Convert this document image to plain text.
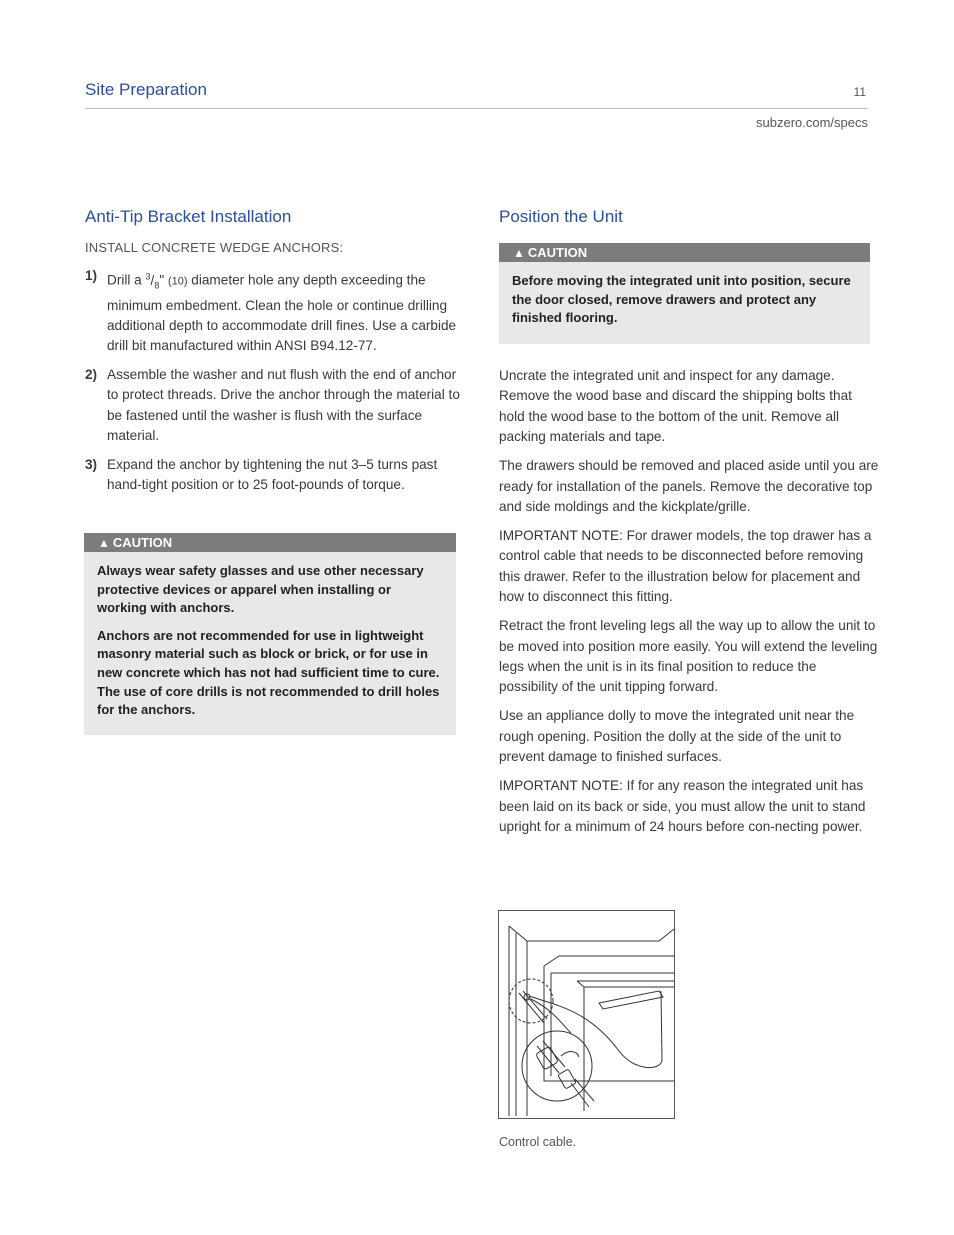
Site Preparation	11
subzero.com/specs
Anti-Tip Bracket Installation
INSTALL CONCRETE WEDGE ANCHORS:
1) Drill a $^3/_8$" (10) diameter hole any depth exceeding the minimum embedment. Clean the hole or continue drilling additional depth to accommodate drill fines. Use a carbide drill bit manufactured within ANSI B94.12-77.
2) Assemble the washer and nut flush with the end of anchor to protect threads. Drive the anchor through the material to be fastened until the washer is flush with the surface material.
3) Expand the anchor by tightening the nut 3–5 turns past hand-tight position or to 25 foot-pounds of torque.
▲ CAUTION

Always wear safety glasses and use other necessary protective devices or apparel when installing or working with anchors.

Anchors are not recommended for use in lightweight masonry material such as block or brick, or for use in new concrete which has not had sufficient time to cure. The use of core drills is not recommended to drill holes for the anchors.

Position the Unit
▲ CAUTION

Before moving the integrated unit into position, secure the door closed, remove drawers and protect any finished flooring.

Uncrate the integrated unit and inspect for any damage. Remove the wood base and discard the shipping bolts that hold the wood base to the bottom of the unit. Remove all packing materials and tape.

The drawers should be removed and placed aside until you are ready for installation of the panels. Remove the decorative top and side moldings and the kickplate/grille.

IMPORTANT NOTE: For drawer models, the top drawer has a control cable that needs to be disconnected before removing this drawer. Refer to the illustration below for placement and how to disconnect this fitting.

Retract the front leveling legs all the way up to allow the unit to be moved into position more easily. You will extend the leveling legs when the unit is in its final position to reduce the possibility of the unit tipping forward.

Use an appliance dolly to move the integrated unit near the rough opening. Position the dolly at the side of the unit to prevent damage to finished surfaces.

IMPORTANT NOTE: If for any reason the integrated unit has been laid on its back or side, you must allow the unit to stand upright for a minimum of 24 hours before con-necting power.

Control cable.
